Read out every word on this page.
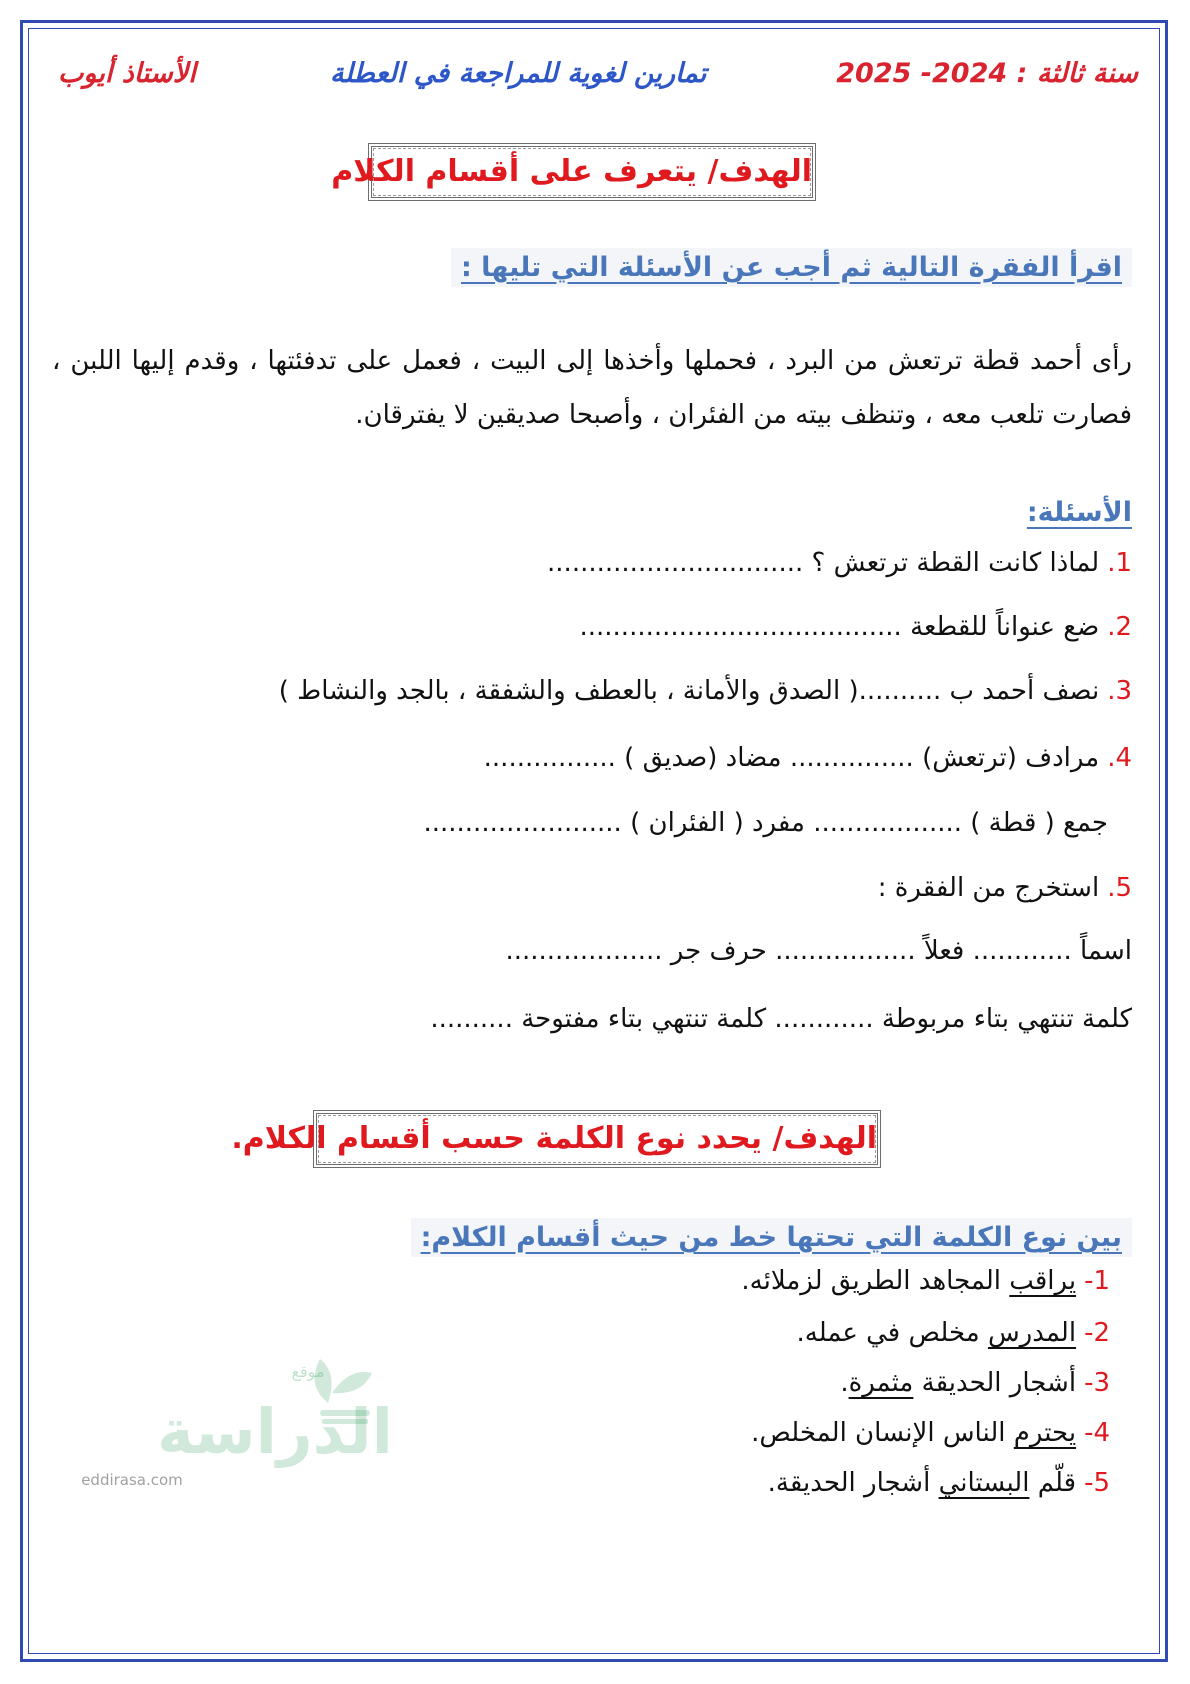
سنة ثالثة : 2024- 2025
تمارين لغوية للمراجعة في العطلة
الأستاذ أيوب
الهدف/ يتعرف على أقسام الكلام
اقرأ الفقرة التالية ثم أجب عن الأسئلة التي تليها :
رأى أحمد قطة ترتعش من البرد ، فحملها وأخذها إلى البيت ، فعمل على تدفئتها ، وقدم إليها اللبن ، فصارت تلعب معه ، وتنظف بيته من الفئران ، وأصبحا صديقين لا يفترقان.
الأسئلة:
1.لماذا كانت القطة ترتعش ؟ ...............................
2.ضع عنواناً للقطعة .......................................
3.نصف أحمد ب ..........( الصدق والأمانة ، بالعطف والشفقة ، بالجد والنشاط )
4.مرادف (ترتعش) ............... مضاد (صديق ) ................
جمع ( قطة ) .................. مفرد ( الفئران ) ........................
5.استخرج من الفقرة :
اسماً ............ فعلاً ................. حرف جر ...................
كلمة تنتهي بتاء مربوطة ............ كلمة تنتهي بتاء مفتوحة ..........
الهدف/ يحدد نوع الكلمة حسب أقسام الكلام.
بين نوع الكلمة التي تحتها خط من حيث أقسام الكلام:
1-يراقب المجاهد الطريق لزملائه.
2-المدرس مخلص في عمله.
3-أشجار الحديقة مثمرة.
4-يحترم الناس الإنسان المخلص.
5-قلّم البستاني أشجار الحديقة.
الدراسة
موقع
eddirasa.com
